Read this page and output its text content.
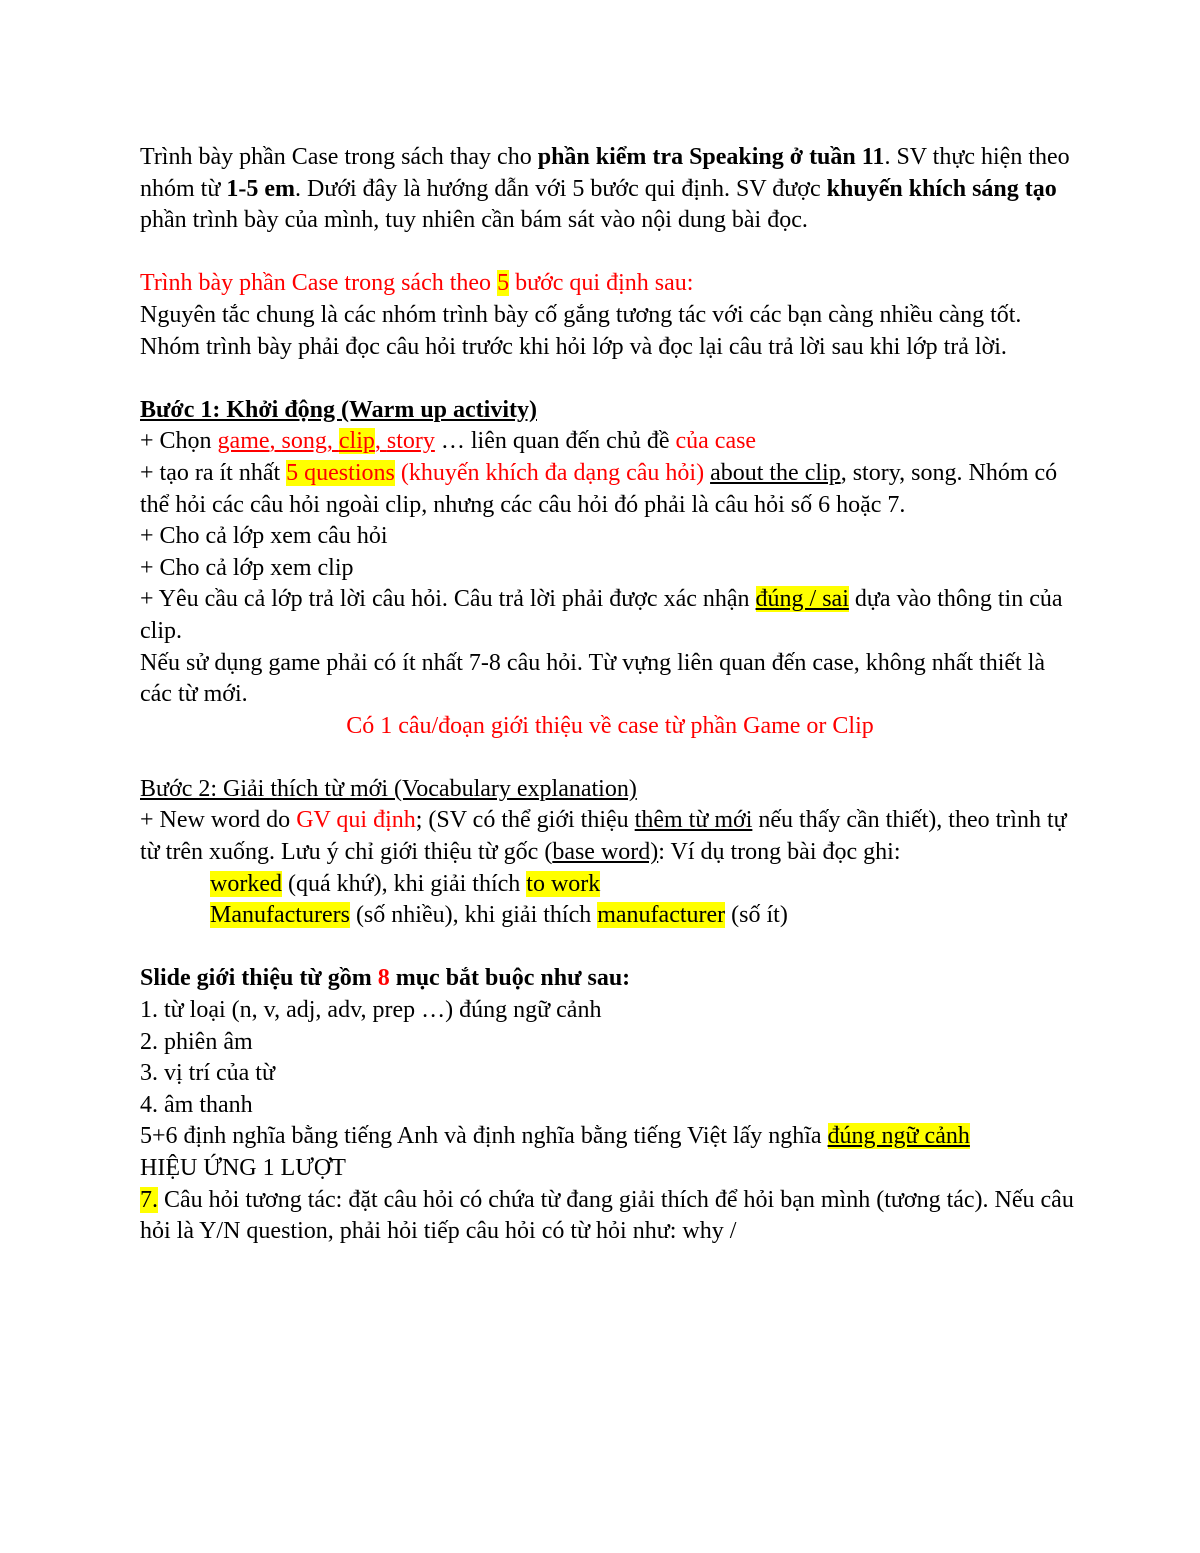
Trình bày phần Case trong sách thay cho phần kiểm tra Speaking ở tuần 11. SV thực hiện theo nhóm từ 1-5 em. Dưới đây là hướng dẫn với 5 bước qui định. SV được khuyến khích sáng tạo phần trình bày của mình, tuy nhiên cần bám sát vào nội dung bài đọc.

Trình bày phần Case trong sách theo 5 bước qui định sau:

Nguyên tắc chung là các nhóm trình bày cố gắng tương tác với các bạn càng nhiều càng tốt. Nhóm trình bày phải đọc câu hỏi trước khi hỏi lớp và đọc lại câu trả lời sau khi lớp trả lời.

Bước 1: Khởi động (Warm up activity)

+ Chọn game, song, clip, story … liên quan đến chủ đề của case

+ tạo ra ít nhất 5 questions (khuyến khích đa dạng câu hỏi) about the clip, story, song. Nhóm có thể hỏi các câu hỏi ngoài clip, nhưng các câu hỏi đó phải là câu hỏi số 6 hoặc 7.

+ Cho cả lớp xem câu hỏi

+ Cho cả lớp xem clip

+ Yêu cầu cả lớp trả lời câu hỏi. Câu trả lời phải được xác nhận đúng / sai dựa vào thông tin của clip.

Nếu sử dụng game phải có ít nhất 7-8 câu hỏi. Từ vựng liên quan đến case, không nhất thiết là các từ mới.

Có 1 câu/đoạn giới thiệu về case từ phần Game or Clip

Bước 2: Giải thích từ mới (Vocabulary explanation)

+ New word do GV qui định; (SV có thể giới thiệu thêm từ mới nếu thấy cần thiết), theo trình tự từ trên xuống. Lưu ý chỉ giới thiệu từ gốc (base word): Ví dụ trong bài đọc ghi:

worked (quá khứ), khi giải thích to work

Manufacturers (số nhiều), khi giải thích manufacturer (số ít)

Slide giới thiệu từ gồm 8 mục bắt buộc như sau:

1. từ loại (n, v, adj, adv, prep …) đúng ngữ cảnh

2. phiên âm

3. vị trí của từ

4. âm thanh

5+6 định nghĩa bằng tiếng Anh và định nghĩa bằng tiếng Việt lấy nghĩa đúng ngữ cảnh

HIỆU ỨNG 1 LƯỢT

7. Câu hỏi tương tác: đặt câu hỏi có chứa từ đang giải thích để hỏi bạn mình (tương tác). Nếu câu hỏi là Y/N question, phải hỏi tiếp câu hỏi có từ hỏi như: why /
